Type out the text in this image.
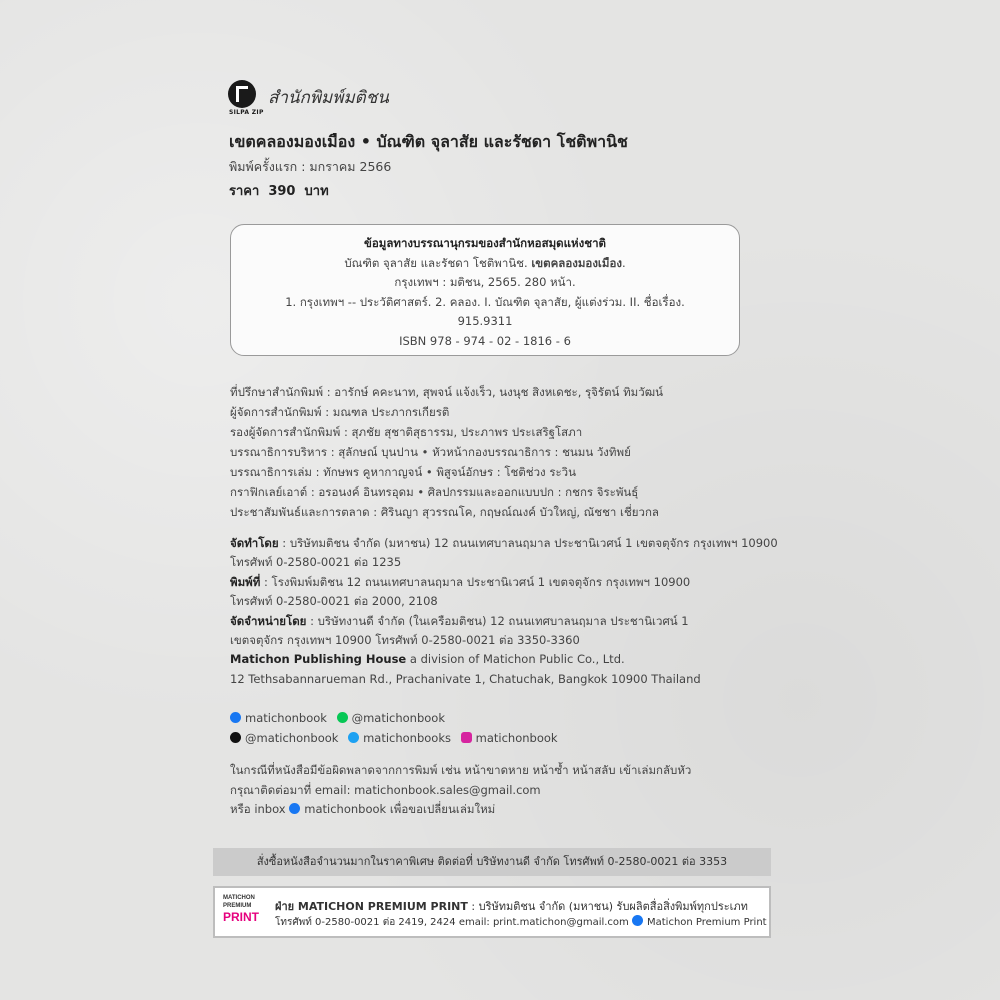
SILPA ZIP
สำนักพิมพ์มติชน
เขตคลองมองเมือง • บัณฑิต จุลาสัย และรัชดา โชติพานิช
พิมพ์ครั้งแรก : มกราคม 2566
ราคา 390 บาท
ข้อมูลทางบรรณานุกรมของสำนักหอสมุดแห่งชาติ
บัณฑิต จุลาสัย และรัชดา โชติพานิช. เขตคลองมองเมือง.
กรุงเทพฯ : มติชน, 2565. 280 หน้า.
1. กรุงเทพฯ -- ประวัติศาสตร์. 2. คลอง. I. บัณฑิต จุลาสัย, ผู้แต่งร่วม. II. ชื่อเรื่อง.
915.9311
ISBN 978 - 974 - 02 - 1816 - 6
ที่ปรึกษาสำนักพิมพ์ : อารักษ์ คคะนาท, สุพจน์ แจ้งเร็ว, นงนุช สิงหเดชะ, รุจิรัตน์ ทิมวัฒน์
ผู้จัดการสำนักพิมพ์ : มณฑล ประภากรเกียรติ
รองผู้จัดการสำนักพิมพ์ : สุภชัย สุชาติสุธารรม, ประภาพร ประเสริฐโสภา
บรรณาธิการบริหาร : สุลักษณ์ บุนปาน • หัวหน้ากองบรรณาธิการ : ชนมน วังทิพย์
บรรณาธิการเล่ม : ทักษพร คูหากาญจน์ • พิสูจน์อักษร : โชติช่วง ระวิน
กราฟิกเลย์เอาต์ : อรอนงค์ อินทรอุดม • ศิลปกรรมและออกแบบปก : กชกร จิระพันธุ์
ประชาสัมพันธ์และการตลาด : ศิรินญา สุวรรณโค, กฤษณ์ณงค์ บัวใหญ่, ณัชชา เชี่ยวกล
จัดทำโดย : บริษัทมติชน จำกัด (มหาชน) 12 ถนนเทศบาลนฤมาล ประชานิเวศน์ 1 เขตจตุจักร กรุงเทพฯ 10900
โทรศัพท์ 0-2580-0021 ต่อ 1235
พิมพ์ที่ : โรงพิมพ์มติชน 12 ถนนเทศบาลนฤมาล ประชานิเวศน์ 1 เขตจตุจักร กรุงเทพฯ 10900
โทรศัพท์ 0-2580-0021 ต่อ 2000, 2108
จัดจำหน่ายโดย : บริษัทงานดี จำกัด (ในเครือมติชน) 12 ถนนเทศบาลนฤมาล ประชานิเวศน์ 1
เขตจตุจักร กรุงเทพฯ 10900 โทรศัพท์ 0-2580-0021 ต่อ 3350-3360
Matichon Publishing House a division of Matichon Public Co., Ltd.
12 Tethsabannarueman Rd., Prachanivate 1, Chatuchak, Bangkok 10900 Thailand
matichonbook @matichonbook
@matichonbook matichonbooks matichonbook
ในกรณีที่หนังสือมีข้อผิดพลาดจากการพิมพ์ เช่น หน้าขาดหาย หน้าซ้ำ หน้าสลับ เข้าเล่มกลับหัว
กรุณาติดต่อมาที่ email: matichonbook.sales@gmail.com
หรือ inbox matichonbook เพื่อขอเปลี่ยนเล่มใหม่
สั่งซื้อหนังสือจำนวนมากในราคาพิเศษ ติดต่อที่ บริษัทงานดี จำกัด โทรศัพท์ 0-2580-0021 ต่อ 3353
MATICHON
PREMIUM
PRINT
ฝ่าย MATICHON PREMIUM PRINT : บริษัทมติชน จำกัด (มหาชน) รับผลิตสื่อสิ่งพิมพ์ทุกประเภท
โทรศัพท์ 0-2580-0021 ต่อ 2419, 2424 email: print.matichon@gmail.com Matichon Premium Print
